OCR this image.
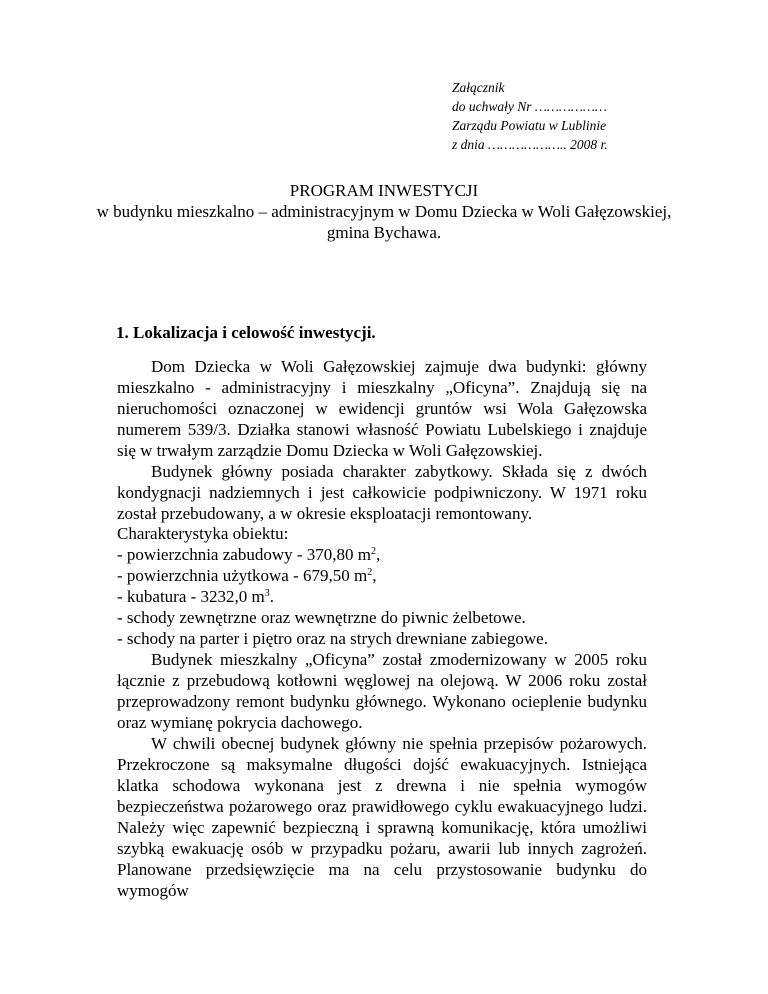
Załącznik
do uchwały Nr ………………
Zarządu Powiatu w Lublinie
z dnia ……………….. 2008 r.
PROGRAM INWESTYCJI
w budynku mieszkalno – administracyjnym w Domu Dziecka w Woli Gałęzowskiej, gmina Bychawa.
1. Lokalizacja i celowość inwestycji.

Dom Dziecka w Woli Gałęzowskiej zajmuje dwa budynki: główny mieszkalno - administracyjny i mieszkalny „Oficyna”. Znajdują się na nieruchomości oznaczonej w ewidencji gruntów wsi Wola Gałęzowska numerem 539/3. Działka stanowi własność Powiatu Lubelskiego i znajduje się w trwałym zarządzie Domu Dziecka w Woli Gałęzowskiej.

Budynek główny posiada charakter zabytkowy. Składa się z dwóch kondygnacji nadziemnych i jest całkowicie podpiwniczony. W 1971 roku został przebudowany, a w okresie eksploatacji remontowany.

Charakterystyka obiektu:
- powierzchnia zabudowy - 370,80 $m^2$,
- powierzchnia użytkowa - 679,50 $m^2$,
- kubatura - 3232,0 $m^3$.
- schody zewnętrzne oraz wewnętrzne do piwnic żelbetowe.
- schody na parter i piętro oraz na strych drewniane zabiegowe.

Budynek mieszkalny „Oficyna” został zmodernizowany w 2005 roku łącznie z przebudową kotłowni węglowej na olejową. W 2006 roku został przeprowadzony remont budynku głównego. Wykonano ocieplenie budynku oraz wymianę pokrycia dachowego.

W chwili obecnej budynek główny nie spełnia przepisów pożarowych. Przekroczone są maksymalne długości dojść ewakuacyjnych. Istniejąca klatka schodowa wykonana jest z drewna i nie spełnia wymogów bezpieczeństwa pożarowego oraz prawidłowego cyklu ewakuacyjnego ludzi. Należy więc zapewnić bezpieczną i sprawną komunikację, która umożliwi szybką ewakuację osób w przypadku pożaru, awarii lub innych zagrożeń. Planowane przedsięwzięcie ma na celu przystosowanie budynku do wymogów
